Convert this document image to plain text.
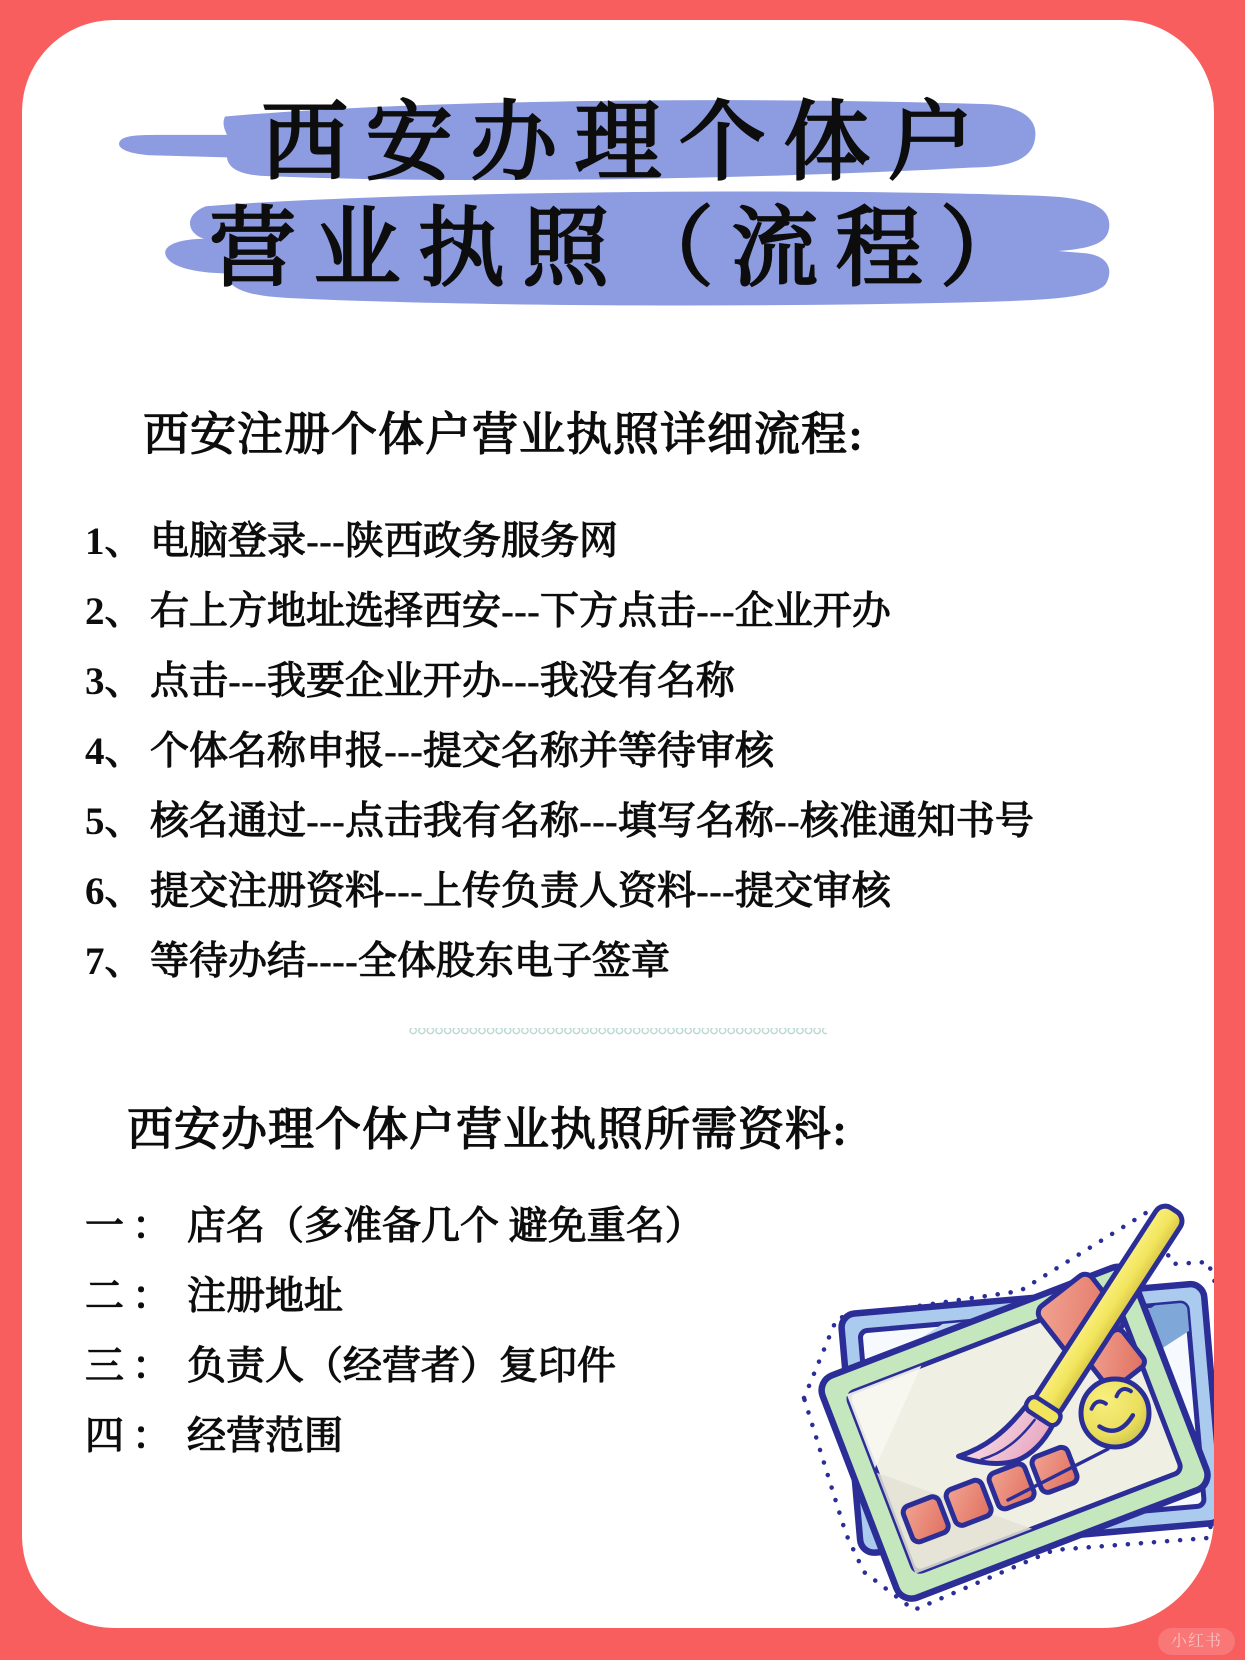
西安办理个体户
营业执照（流程）
西安注册个体户营业执照详细流程:
1、 电脑登录---陕西政务服务网
2、 右上方地址选择西安---下方点击---企业开办
3、 点击---我要企业开办---我没有名称
4、 个体名称申报---提交名称并等待审核
5、 核名通过---点击我有名称---填写名称--核准通知书号
6、 提交注册资料---上传负责人资料---提交审核
7、 等待办结----全体股东电子签章
西安办理个体户营业执照所需资料:
一： 店名（多准备几个 避免重名）
二： 注册地址
三： 负责人（经营者）复印件
四： 经营范围
小红书
